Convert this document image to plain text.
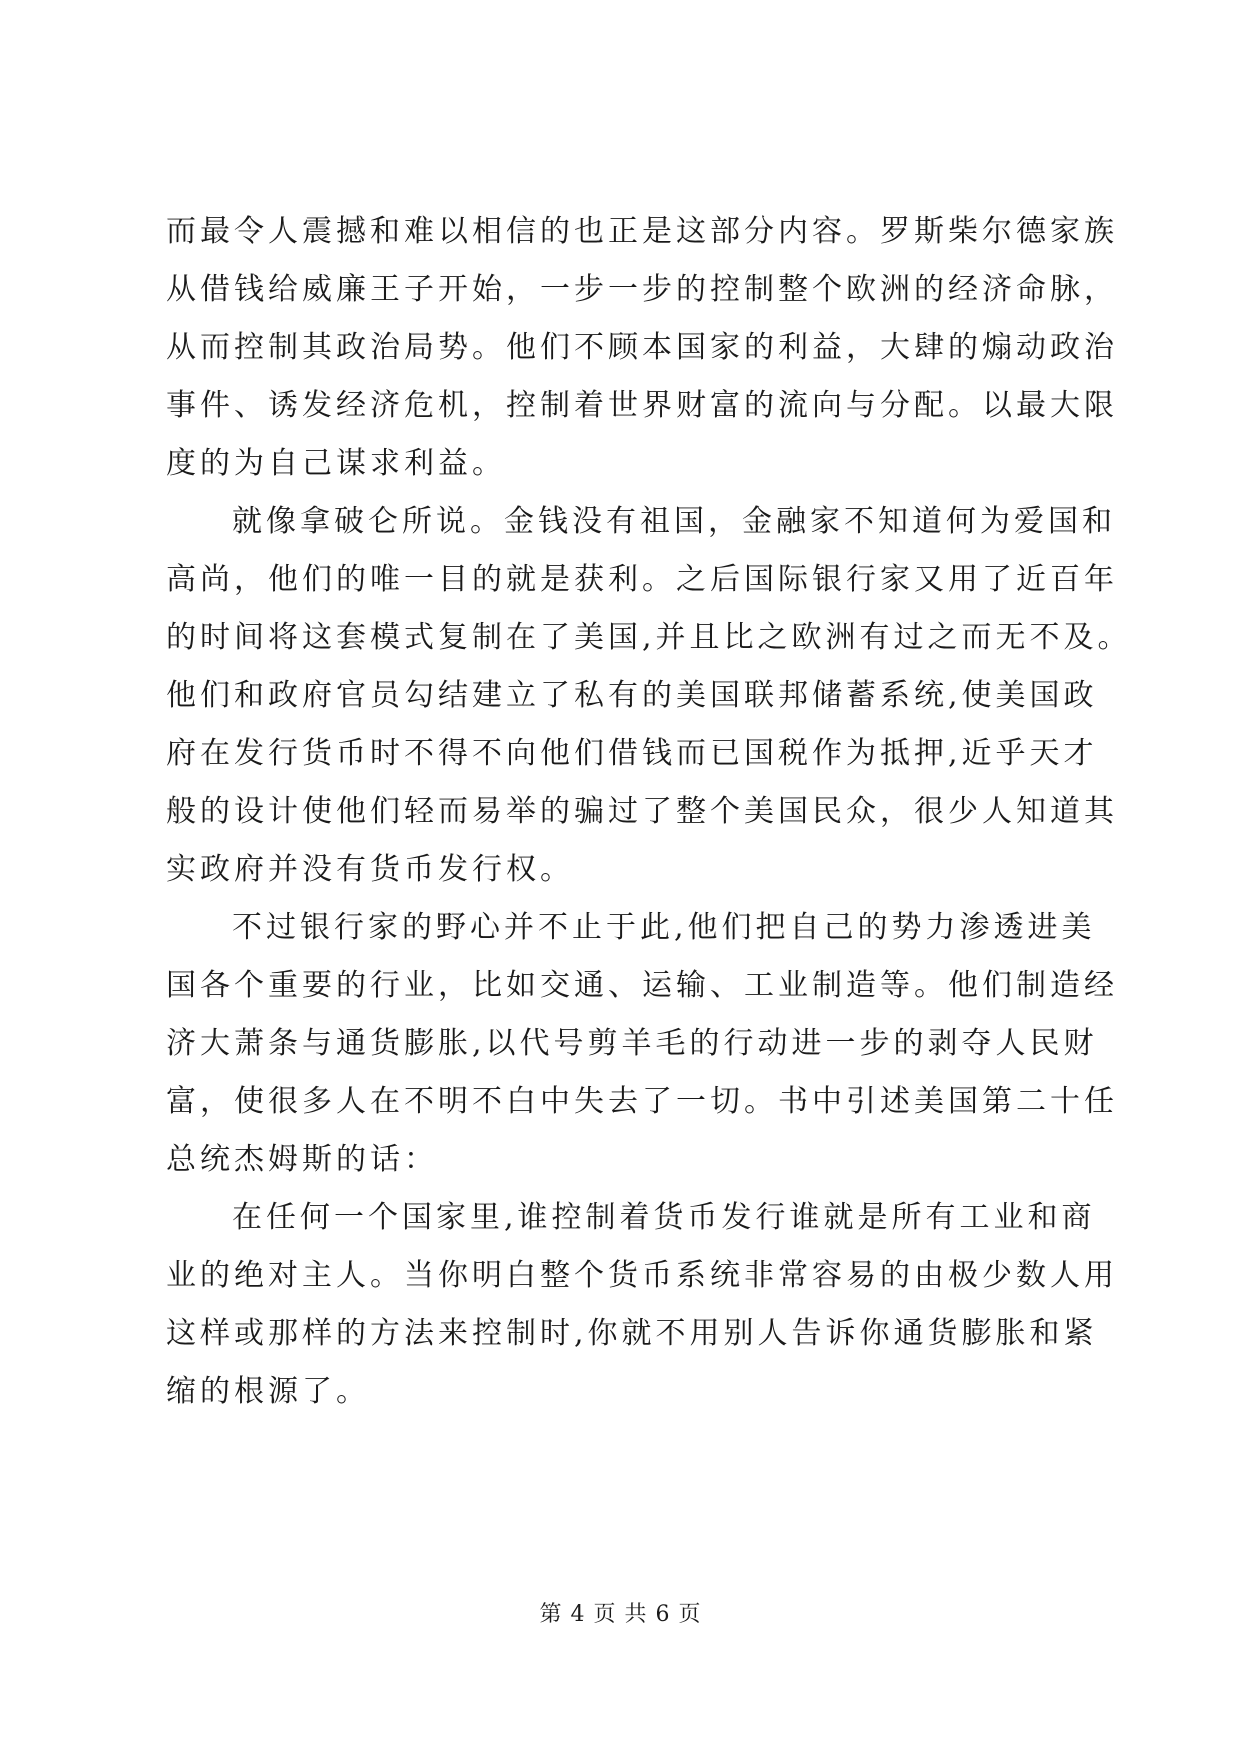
而最令人震撼和难以相信的也正是这部分内容。罗斯柴尔德家族
从借钱给威廉王子开始，一步一步的控制整个欧洲的经济命脉，
从而控制其政治局势。他们不顾本国家的利益，大肆的煽动政治
事件、诱发经济危机，控制着世界财富的流向与分配。以最大限
度的为自己谋求利益。
就像拿破仑所说。金钱没有祖国，金融家不知道何为爱国和
高尚，他们的唯一目的就是获利。之后国际银行家又用了近百年
的时间将这套模式复制在了美国,并且比之欧洲有过之而无不及。
他们和政府官员勾结建立了私有的美国联邦储蓄系统,使美国政
府在发行货币时不得不向他们借钱而已国税作为抵押,近乎天才
般的设计使他们轻而易举的骗过了整个美国民众，很少人知道其
实政府并没有货币发行权。
不过银行家的野心并不止于此,他们把自己的势力渗透进美
国各个重要的行业，比如交通、运输、工业制造等。他们制造经
济大萧条与通货膨胀,以代号剪羊毛的行动进一步的剥夺人民财
富，使很多人在不明不白中失去了一切。书中引述美国第二十任
总统杰姆斯的话：
在任何一个国家里,谁控制着货币发行谁就是所有工业和商
业的绝对主人。当你明白整个货币系统非常容易的由极少数人用
这样或那样的方法来控制时,你就不用别人告诉你通货膨胀和紧
缩的根源了。
第 4 页 共 6 页
